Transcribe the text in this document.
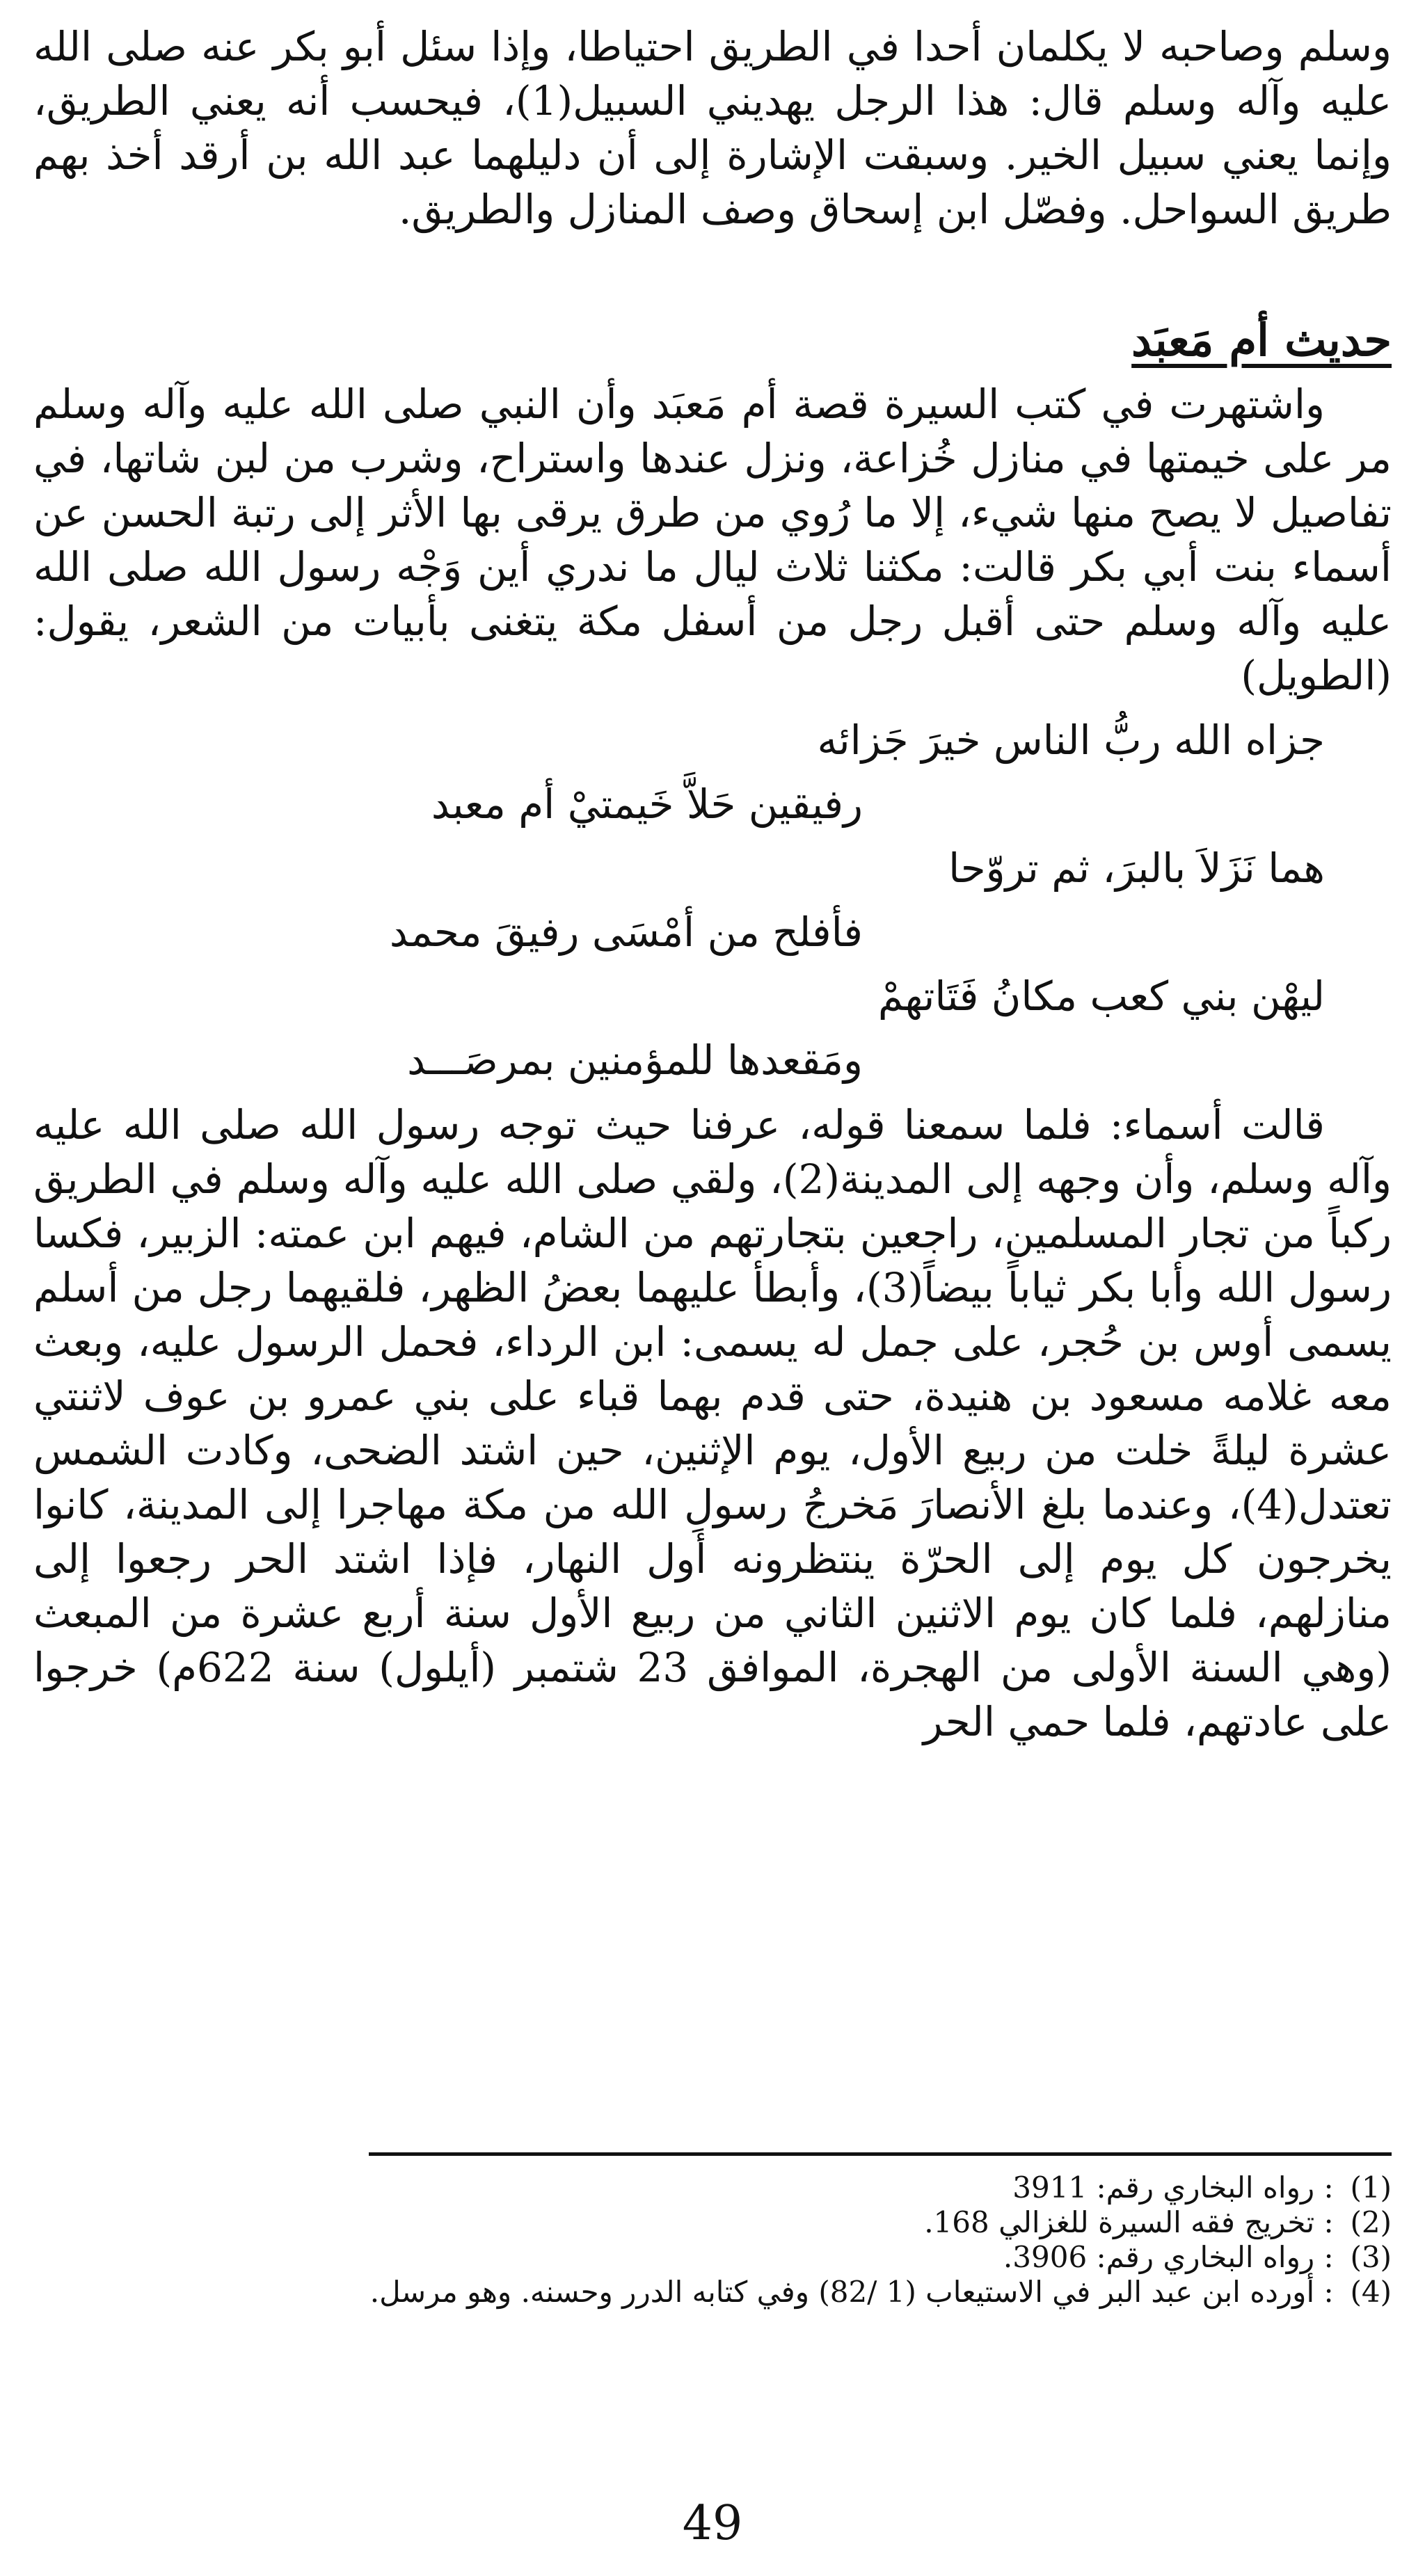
وسلم وصاحبه لا يكلمان أحدا في الطريق احتياطا، وإذا سئل أبو بكر عنه صلى الله عليه وآله وسلم قال: هذا الرجل يهديني السبيل(1)، فيحسب أنه يعني الطريق، وإنما يعني سبيل الخير. وسبقت الإشارة إلى أن دليلهما عبد الله بن أرقد أخذ بهم طريق السواحل. وفصّل ابن إسحاق وصف المنازل والطريق.

حديث أم مَعبَد

واشتهرت في كتب السيرة قصة أم مَعبَد وأن النبي صلى الله عليه وآله وسلم مر على خيمتها في منازل خُزاعة، ونزل عندها واستراح، وشرب من لبن شاتها، في تفاصيل لا يصح منها شيء، إلا ما رُوي من طرق يرقى بها الأثر إلى رتبة الحسن عن أسماء بنت أبي بكر قالت: مكثنا ثلاث ليال ما ندري أين وَجْه رسول الله صلى الله عليه وآله وسلم حتى أقبل رجل من أسفل مكة يتغنى بأبيات من الشعر، يقول: (الطويل)

جزاه الله ربُّ الناس خيرَ جَزائه
رفيقين حَلاَّ خَيمتيْ أم معبد
هما نَزَلاَ بالبرَ، ثم تروّحا
فأفلح من أمْسَى رفيقَ محمد
ليهْن بني كعب مكانُ فَتَاتهمْ
ومَقعدها للمؤمنين بمرصَـــد

قالت أسماء: فلما سمعنا قوله، عرفنا حيث توجه رسول الله صلى الله عليه وآله وسلم، وأن وجهه إلى المدينة(2)، ولقي صلى الله عليه وآله وسلم في الطريق ركباً من تجار المسلمين، راجعين بتجارتهم من الشام، فيهم ابن عمته: الزبير، فكسا رسول الله وأبا بكر ثياباً بيضاً(3)، وأبطأ عليهما بعضُ الظهر، فلقيهما رجل من أسلم يسمى أوس بن حُجر، على جمل له يسمى: ابن الرداء، فحمل الرسول عليه، وبعث معه غلامه مسعود بن هنيدة، حتى قدم بهما قباء على بني عمرو بن عوف لاثنتي عشرة ليلةً خلت من ربيع الأول، يوم الإثنين، حين اشتد الضحى، وكادت الشمس تعتدل(4)، وعندما بلغ الأنصارَ مَخرجُ رسولِ الله من مكة مهاجرا إلى المدينة، كانوا يخرجون كل يوم إلى الحرّة ينتظرونه أول النهار، فإذا اشتد الحر رجعوا إلى منازلهم، فلما كان يوم الاثنين الثاني من ربيع الأول سنة أربع عشرة من المبعث (وهي السنة الأولى من الهجرة، الموافق 23 شتمبر (أيلول) سنة 622م) خرجوا على عادتهم، فلما حمي الحر

(1) : رواه البخاري رقم: 3911
(2) : تخريج فقه السيرة للغزالي 168.
(3) : رواه البخاري رقم: 3906.
(4) : أورده ابن عبد البر في الاستيعاب (1 /82) وفي كتابه الدرر وحسنه. وهو مرسل.
49
